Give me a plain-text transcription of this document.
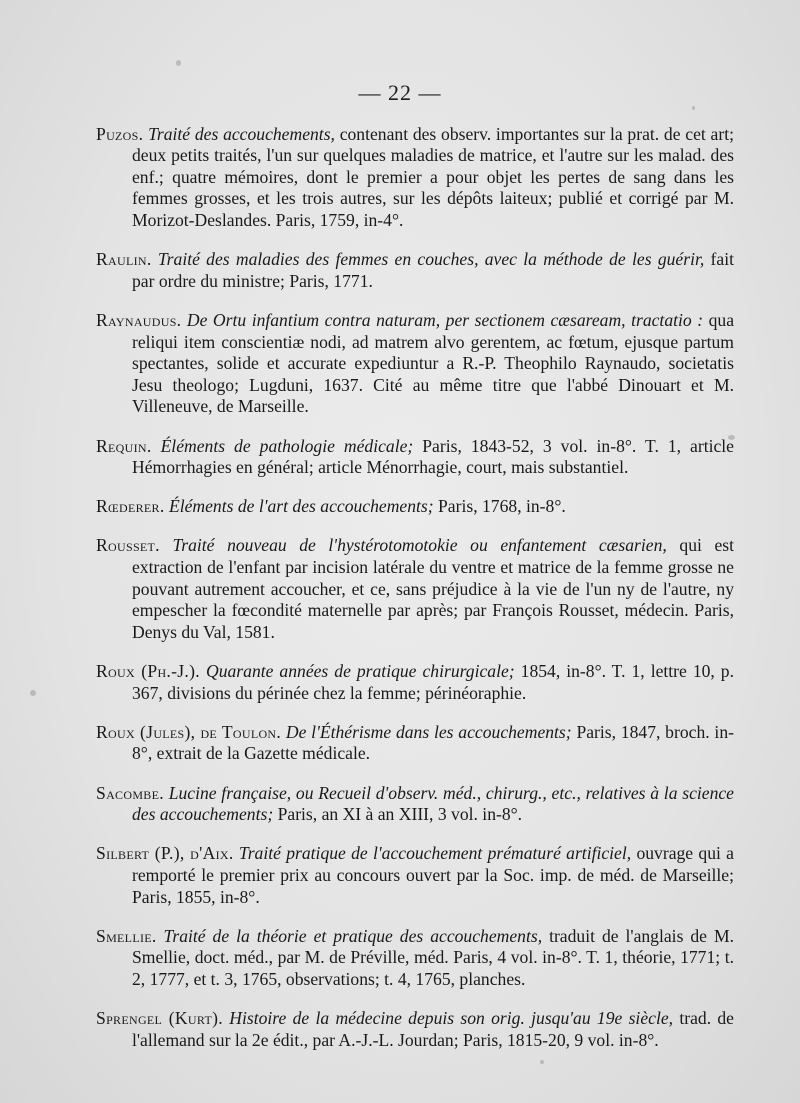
— 22 —

Puzos. Traité des accouchements, contenant des observ. importantes sur la prat. de cet art; deux petits traités, l'un sur quelques maladies de matrice, et l'autre sur les malad. des enf.; quatre mémoires, dont le premier a pour objet les pertes de sang dans les femmes grosses, et les trois autres, sur les dépôts laiteux; publié et corrigé par M. Morizot-Deslandes. Paris, 1759, in-4°.

Raulin. Traité des maladies des femmes en couches, avec la méthode de les guérir, fait par ordre du ministre; Paris, 1771.

Raynaudus. De Ortu infantium contra naturam, per sectionem cæsaream, tractatio : qua reliqui item conscientiæ nodi, ad matrem alvo gerentem, ac fœtum, ejusque partum spectantes, solide et accurate expediuntur a R.-P. Theophilo Raynaudo, societatis Jesu theologo; Lugduni, 1637. Cité au même titre que l'abbé Dinouart et M. Villeneuve, de Marseille.

Requin. Éléments de pathologie médicale; Paris, 1843-52, 3 vol. in-8°. T. 1, article Hémorrhagies en général; article Ménorrhagie, court, mais substantiel.

Rœderer. Éléments de l'art des accouchements; Paris, 1768, in-8°.

Rousset. Traité nouveau de l'hystérotomotokie ou enfantement cæsarien, qui est extraction de l'enfant par incision latérale du ventre et matrice de la femme grosse ne pouvant autrement accoucher, et ce, sans préjudice à la vie de l'un ny de l'autre, ny empescher la fœcondité maternelle par après; par François Rousset, médecin. Paris, Denys du Val, 1581.

Roux (Ph.-J.). Quarante années de pratique chirurgicale; 1854, in-8°. T. 1, lettre 10, p. 367, divisions du périnée chez la femme; périnéoraphie.

Roux (Jules), de Toulon. De l'Éthérisme dans les accouchements; Paris, 1847, broch. in-8°, extrait de la Gazette médicale.

Sacombe. Lucine française, ou Recueil d'observ. méd., chirurg., etc., relatives à la science des accouchements; Paris, an XI à an XIII, 3 vol. in-8°.

Silbert (P.), d'Aix. Traité pratique de l'accouchement prématuré artificiel, ouvrage qui a remporté le premier prix au concours ouvert par la Soc. imp. de méd. de Marseille; Paris, 1855, in-8°.

Smellie. Traité de la théorie et pratique des accouchements, traduit de l'anglais de M. Smellie, doct. méd., par M. de Préville, méd. Paris, 4 vol. in-8°. T. 1, théorie, 1771; t. 2, 1777, et t. 3, 1765, observations; t. 4, 1765, planches.

Sprengel (Kurt). Histoire de la médecine depuis son orig. jusqu'au 19e siècle, trad. de l'allemand sur la 2e édit., par A.-J.-L. Jourdan; Paris, 1815-20, 9 vol. in-8°.
